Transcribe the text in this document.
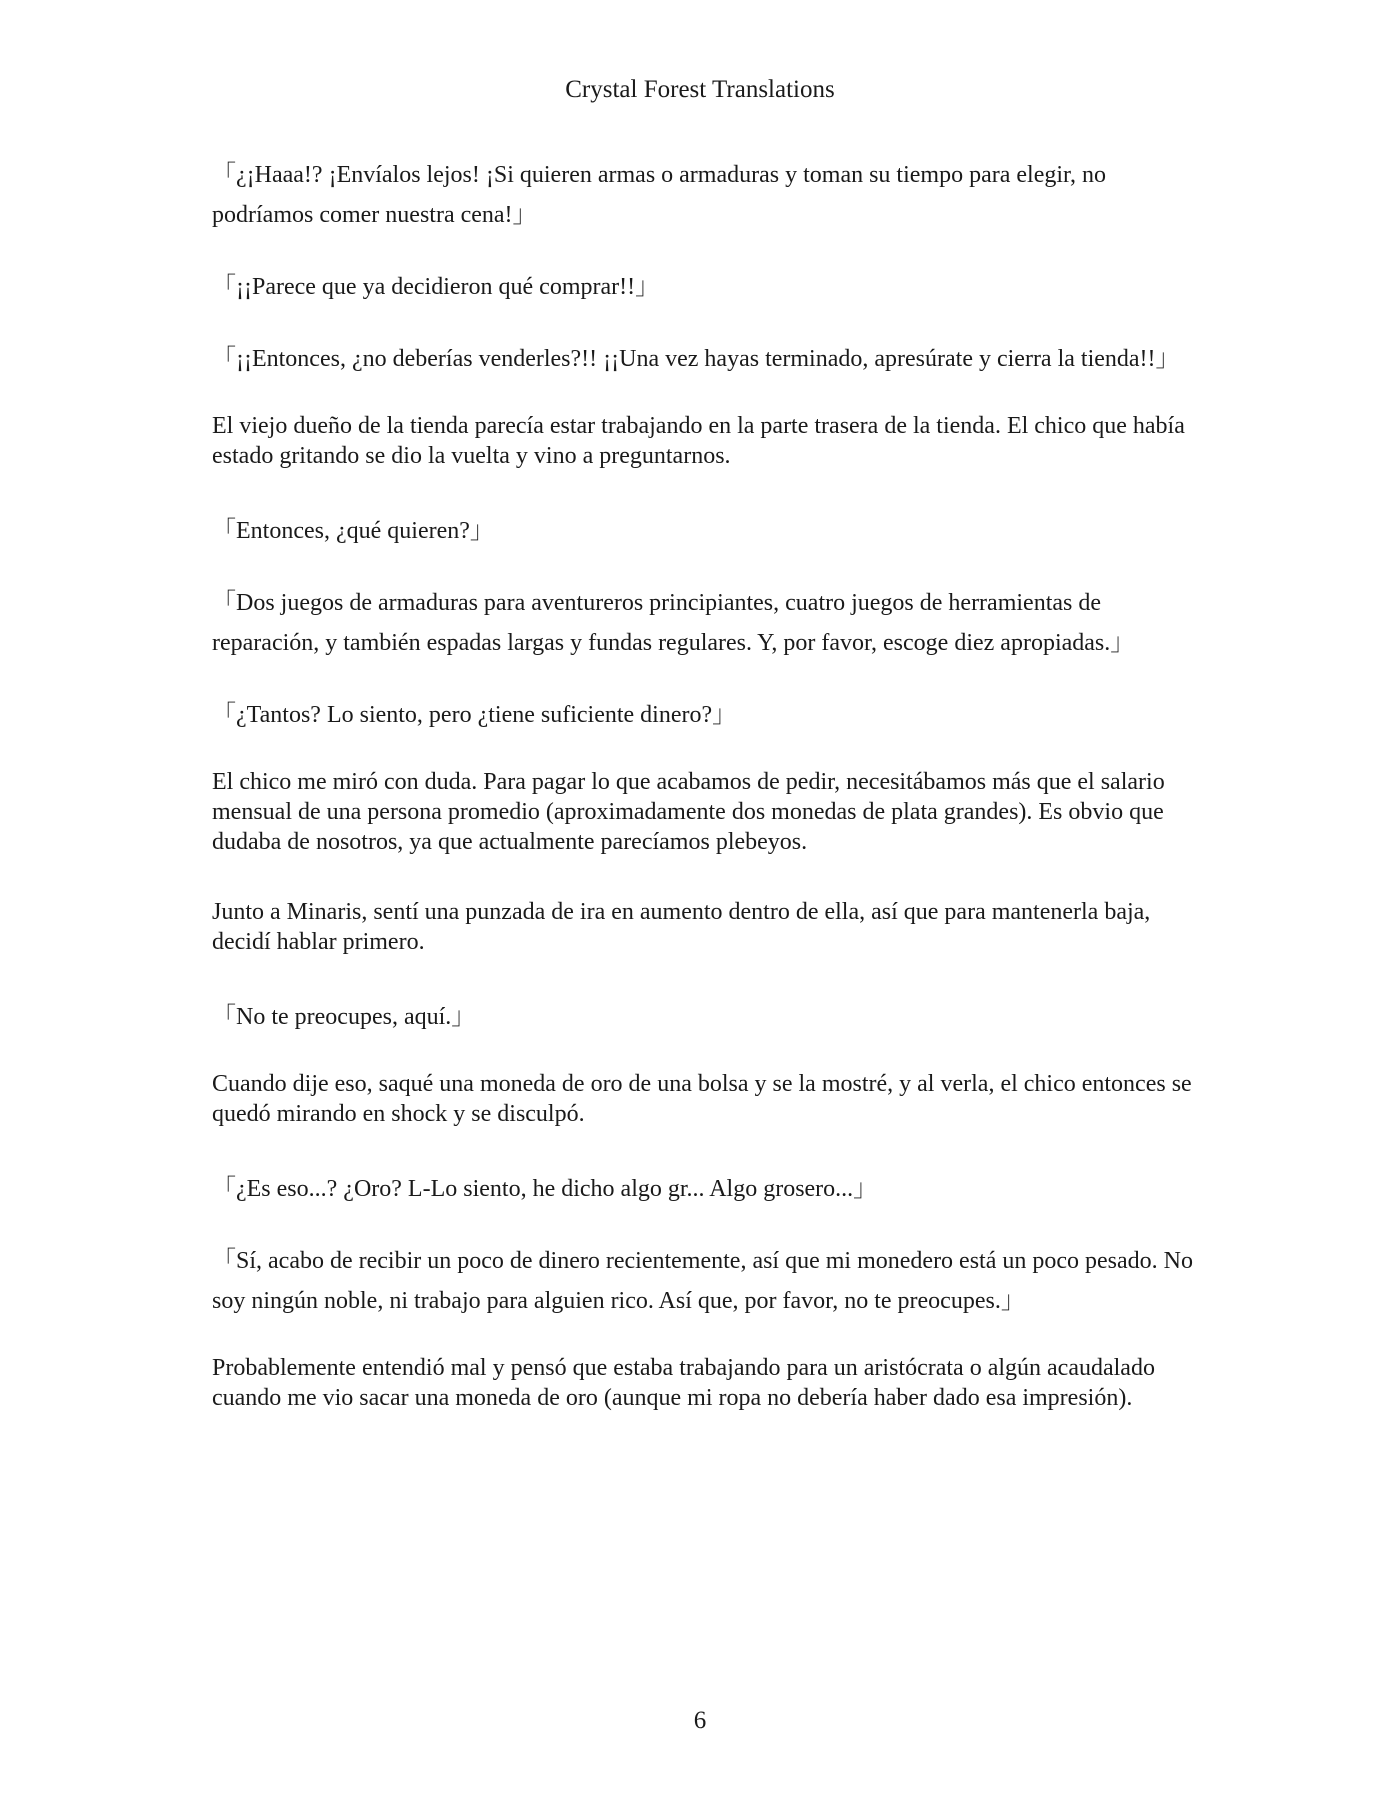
Crystal Forest Translations

「¿¡Haaa!? ¡Envíalos lejos! ¡Si quieren armas o armaduras y toman su tiempo para elegir, no podríamos comer nuestra cena!」

「¡¡Parece que ya decidieron qué comprar!!」

「¡¡Entonces, ¿no deberías venderles?!! ¡¡Una vez hayas terminado, apresúrate y cierra la tienda!!」

El viejo dueño de la tienda parecía estar trabajando en la parte trasera de la tienda. El chico que había estado gritando se dio la vuelta y vino a preguntarnos.

「Entonces, ¿qué quieren?」

「Dos juegos de armaduras para aventureros principiantes, cuatro juegos de herramientas de reparación, y también espadas largas y fundas regulares. Y, por favor, escoge diez apropiadas.」

「¿Tantos? Lo siento, pero ¿tiene suficiente dinero?」

El chico me miró con duda. Para pagar lo que acabamos de pedir, necesitábamos más que el salario mensual de una persona promedio (aproximadamente dos monedas de plata grandes). Es obvio que dudaba de nosotros, ya que actualmente parecíamos plebeyos.

Junto a Minaris, sentí una punzada de ira en aumento dentro de ella, así que para mantenerla baja, decidí hablar primero.

「No te preocupes, aquí.」

Cuando dije eso, saqué una moneda de oro de una bolsa y se la mostré, y al verla, el chico entonces se quedó mirando en shock y se disculpó.

「¿Es eso...? ¿Oro? L-Lo siento, he dicho algo gr... Algo grosero...」

「Sí, acabo de recibir un poco de dinero recientemente, así que mi monedero está un poco pesado. No soy ningún noble, ni trabajo para alguien rico. Así que, por favor, no te preocupes.」

Probablemente entendió mal y pensó que estaba trabajando para un aristócrata o algún acaudalado cuando me vio sacar una moneda de oro (aunque mi ropa no debería haber dado esa impresión).

6
